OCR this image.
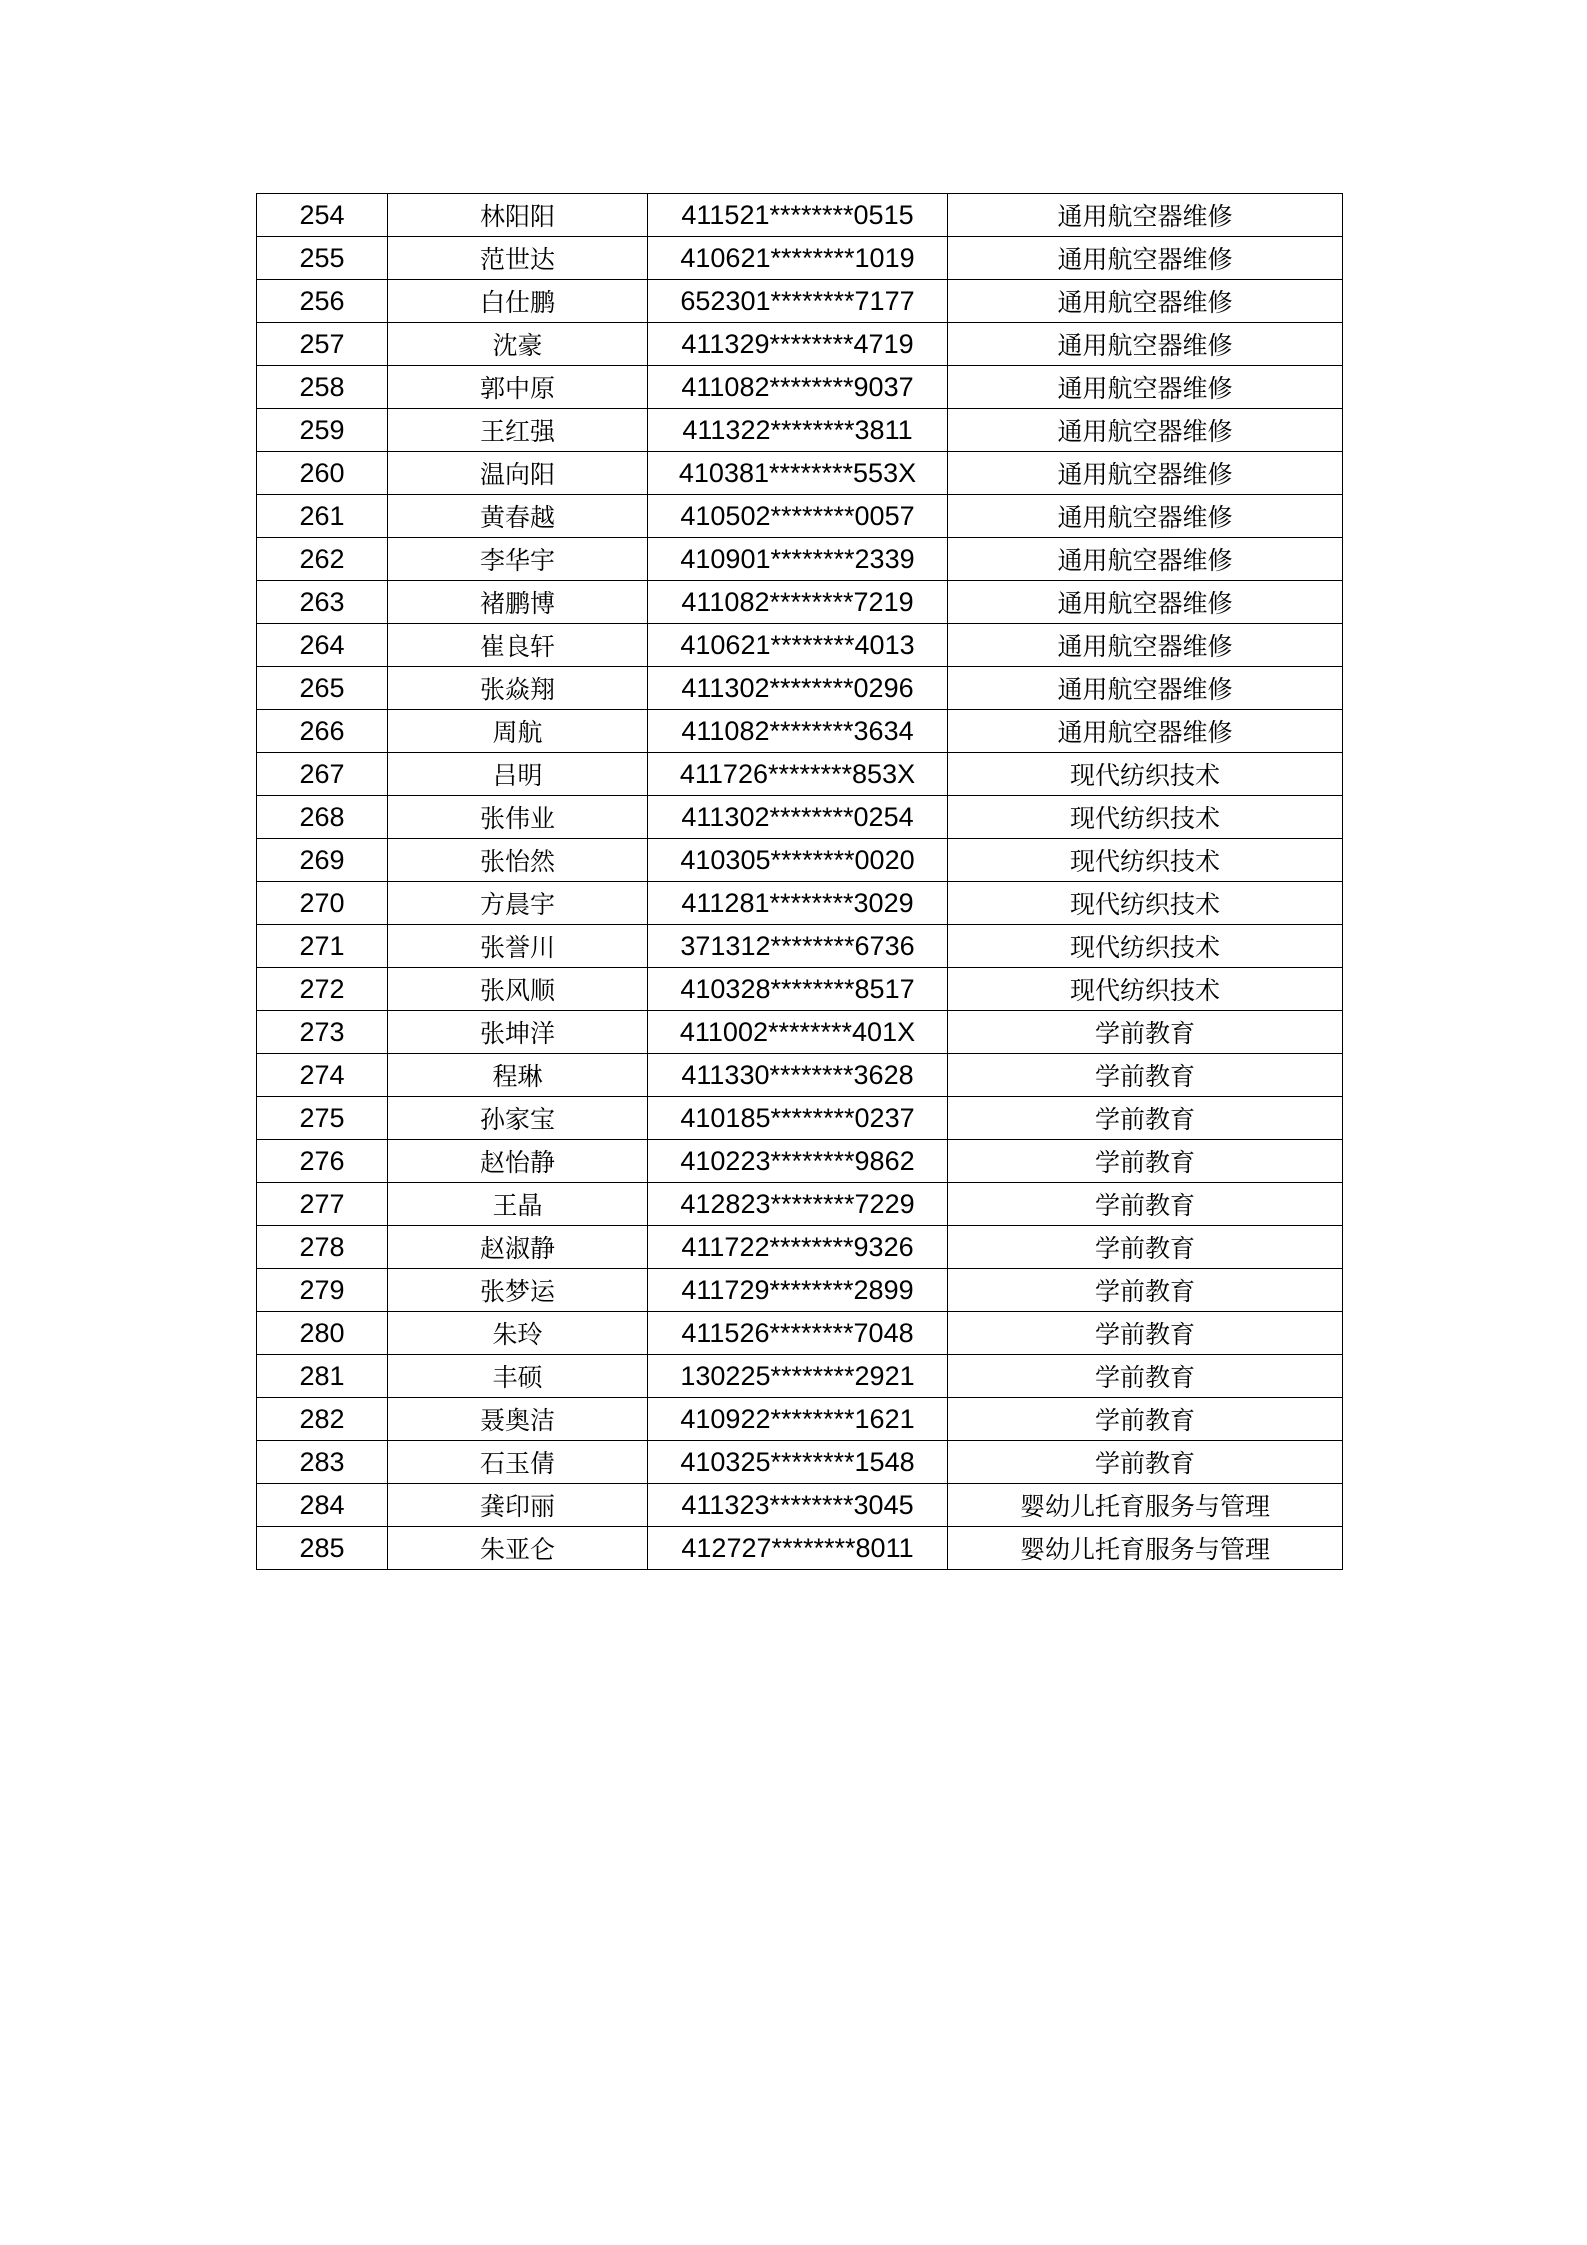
254	林阳阳	411521********0515	通用航空器维修
255	范世达	410621********1019	通用航空器维修
256	白仕鹏	652301********7177	通用航空器维修
257	沈豪	411329********4719	通用航空器维修
258	郭中原	411082********9037	通用航空器维修
259	王红强	411322********3811	通用航空器维修
260	温向阳	410381********553X	通用航空器维修
261	黄春越	410502********0057	通用航空器维修
262	李华宇	410901********2339	通用航空器维修
263	褚鹏博	411082********7219	通用航空器维修
264	崔良轩	410621********4013	通用航空器维修
265	张焱翔	411302********0296	通用航空器维修
266	周航	411082********3634	通用航空器维修
267	吕明	411726********853X	现代纺织技术
268	张伟业	411302********0254	现代纺织技术
269	张怡然	410305********0020	现代纺织技术
270	方晨宇	411281********3029	现代纺织技术
271	张誉川	371312********6736	现代纺织技术
272	张风顺	410328********8517	现代纺织技术
273	张坤洋	411002********401X	学前教育
274	程琳	411330********3628	学前教育
275	孙家宝	410185********0237	学前教育
276	赵怡静	410223********9862	学前教育
277	王晶	412823********7229	学前教育
278	赵淑静	411722********9326	学前教育
279	张梦运	411729********2899	学前教育
280	朱玲	411526********7048	学前教育
281	丰硕	130225********2921	学前教育
282	聂奥洁	410922********1621	学前教育
283	石玉倩	410325********1548	学前教育
284	龚印丽	411323********3045	婴幼儿托育服务与管理
285	朱亚仑	412727********8011	婴幼儿托育服务与管理
